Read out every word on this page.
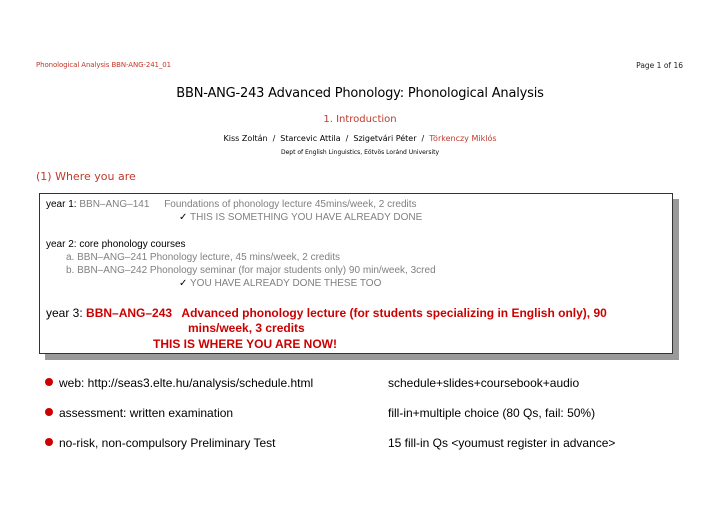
Phonological Analysis BBN-ANG-241_01	Page 1 of 16
BBN-ANG-243 Advanced Phonology: Phonological Analysis
1. Introduction
Kiss Zoltán / Starcevic Attila / Szigetvári Péter / Törkenczy Miklós
Dept of English Linguistics, Eötvös Loránd University
(1) Where you are
year 1: BBN–ANG–141 Foundations of phonology lecture 45mins/week, 2 credits
✓ THIS IS SOMETHING YOU HAVE ALREADY DONE
year 2: core phonology courses
a. BBN–ANG–241 Phonology lecture, 45 mins/week, 2 credits
b. BBN–ANG–242 Phonology seminar (for major students only) 90 min/week, 3cred
✓ YOU HAVE ALREADY DONE THESE TOO
year 3: BBN–ANG–243 Advanced phonology lecture (for students specializing in English only), 90
mins/week, 3 credits
THIS IS WHERE YOU ARE NOW!
web: http://seas3.elte.hu/analysis/schedule.html	schedule+slides+coursebook+audio
assessment: written examination	fill-in+multiple choice (80 Qs, fail: 50%)
no-risk, non-compulsory Preliminary Test	15 fill-in Qs <youmust register in advance>
